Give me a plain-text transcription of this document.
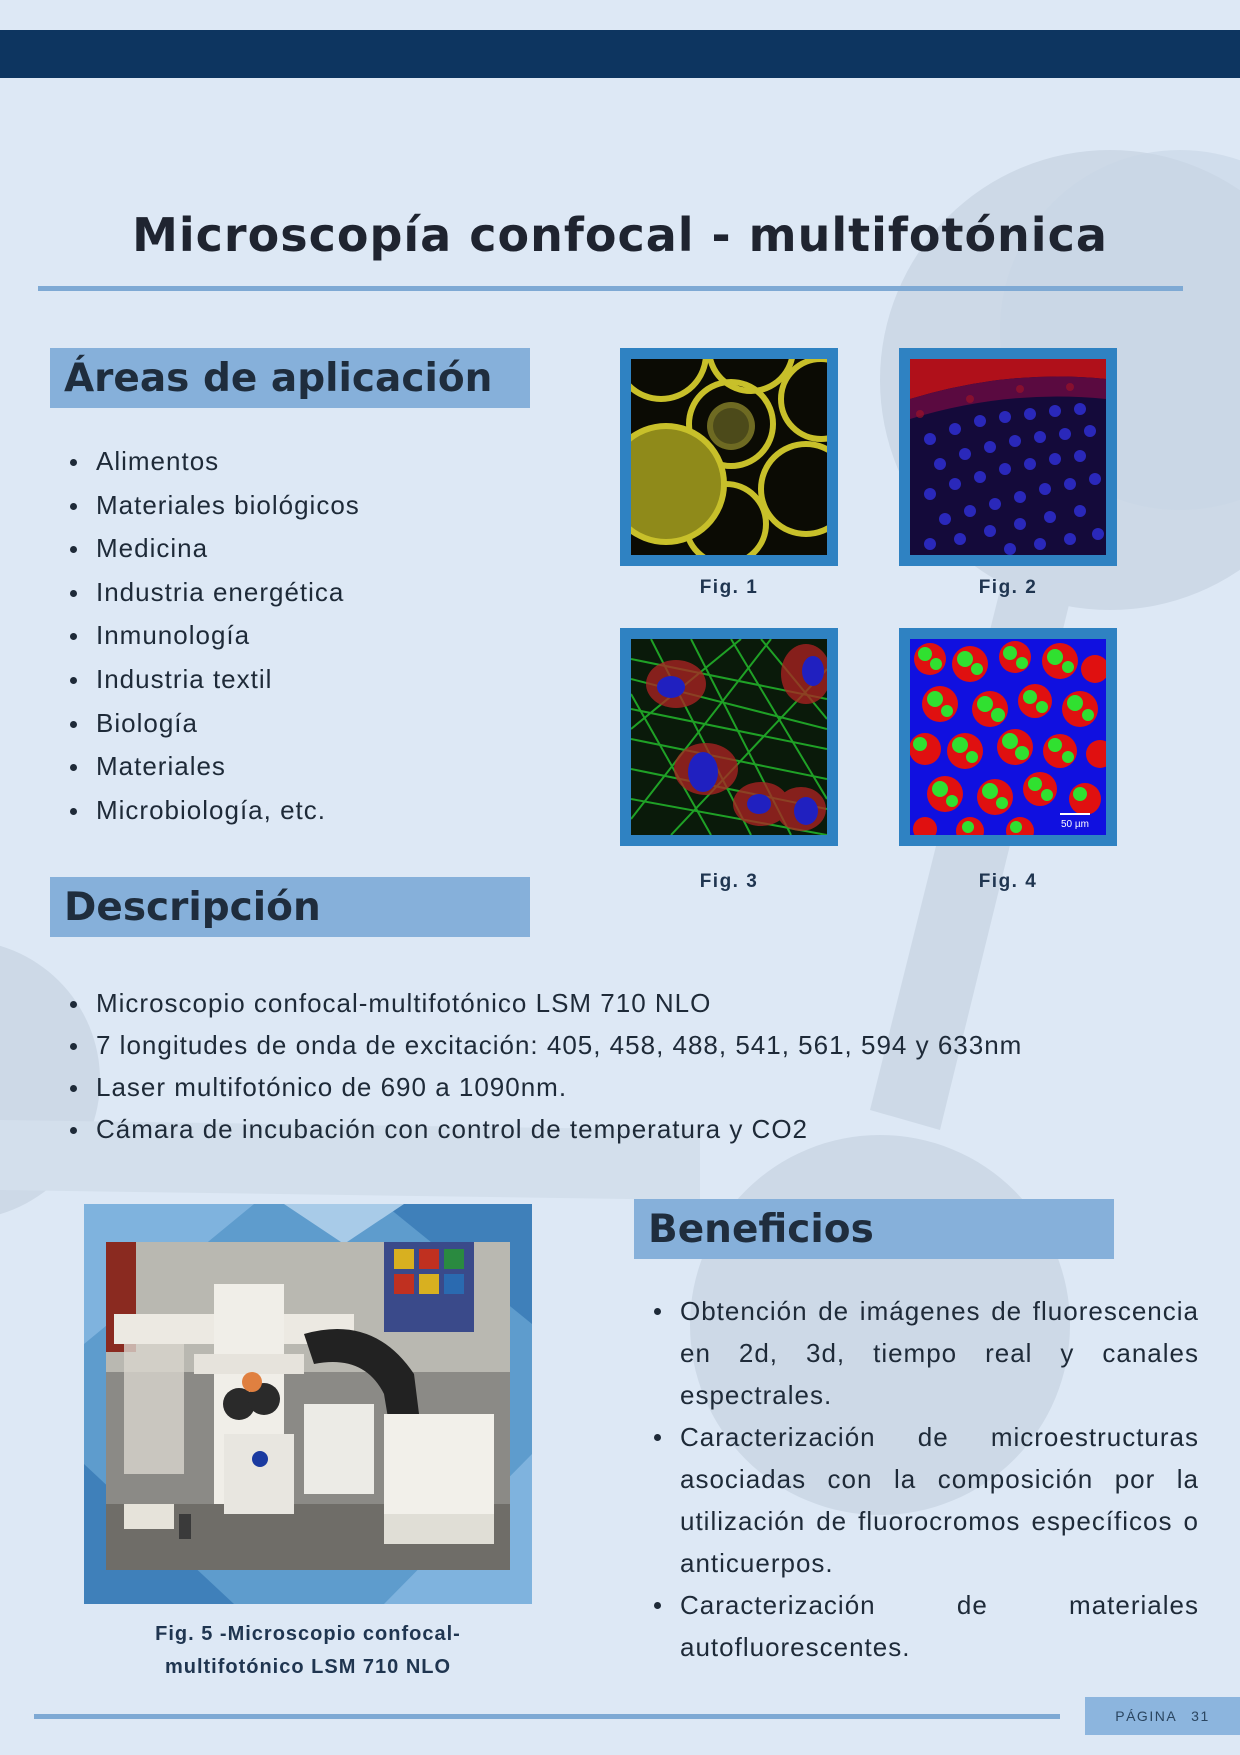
Microscopía confocal - multifotónica
Áreas de aplicación
Alimentos
Materiales biológicos
Medicina
Industria energética
Inmunología
Industria textil
Biología
Materiales
Microbiología, etc.
Fig. 1	Fig. 2
Fig. 3
50 µm
Fig. 4
Descripción
Microscopio confocal-multifotónico LSM 710 NLO
7 longitudes de onda de excitación: 405, 458, 488, 541, 561, 594 y 633nm
Laser multifotónico de 690 a 1090nm.
Cámara de incubación con control de temperatura y CO2
Fig. 5 -Microscopio confocal-
multifotónico LSM 710 NLO
Beneficios
Obtención de imágenes de fluorescencia en 2d, 3d, tiempo real y canales espectrales.
Caracterización de microestructuras asociadas con la composición por la utilización de fluorocromos específicos o anticuerpos.
Caracterización de materiales autofluorescentes.
PÁGINA 31
